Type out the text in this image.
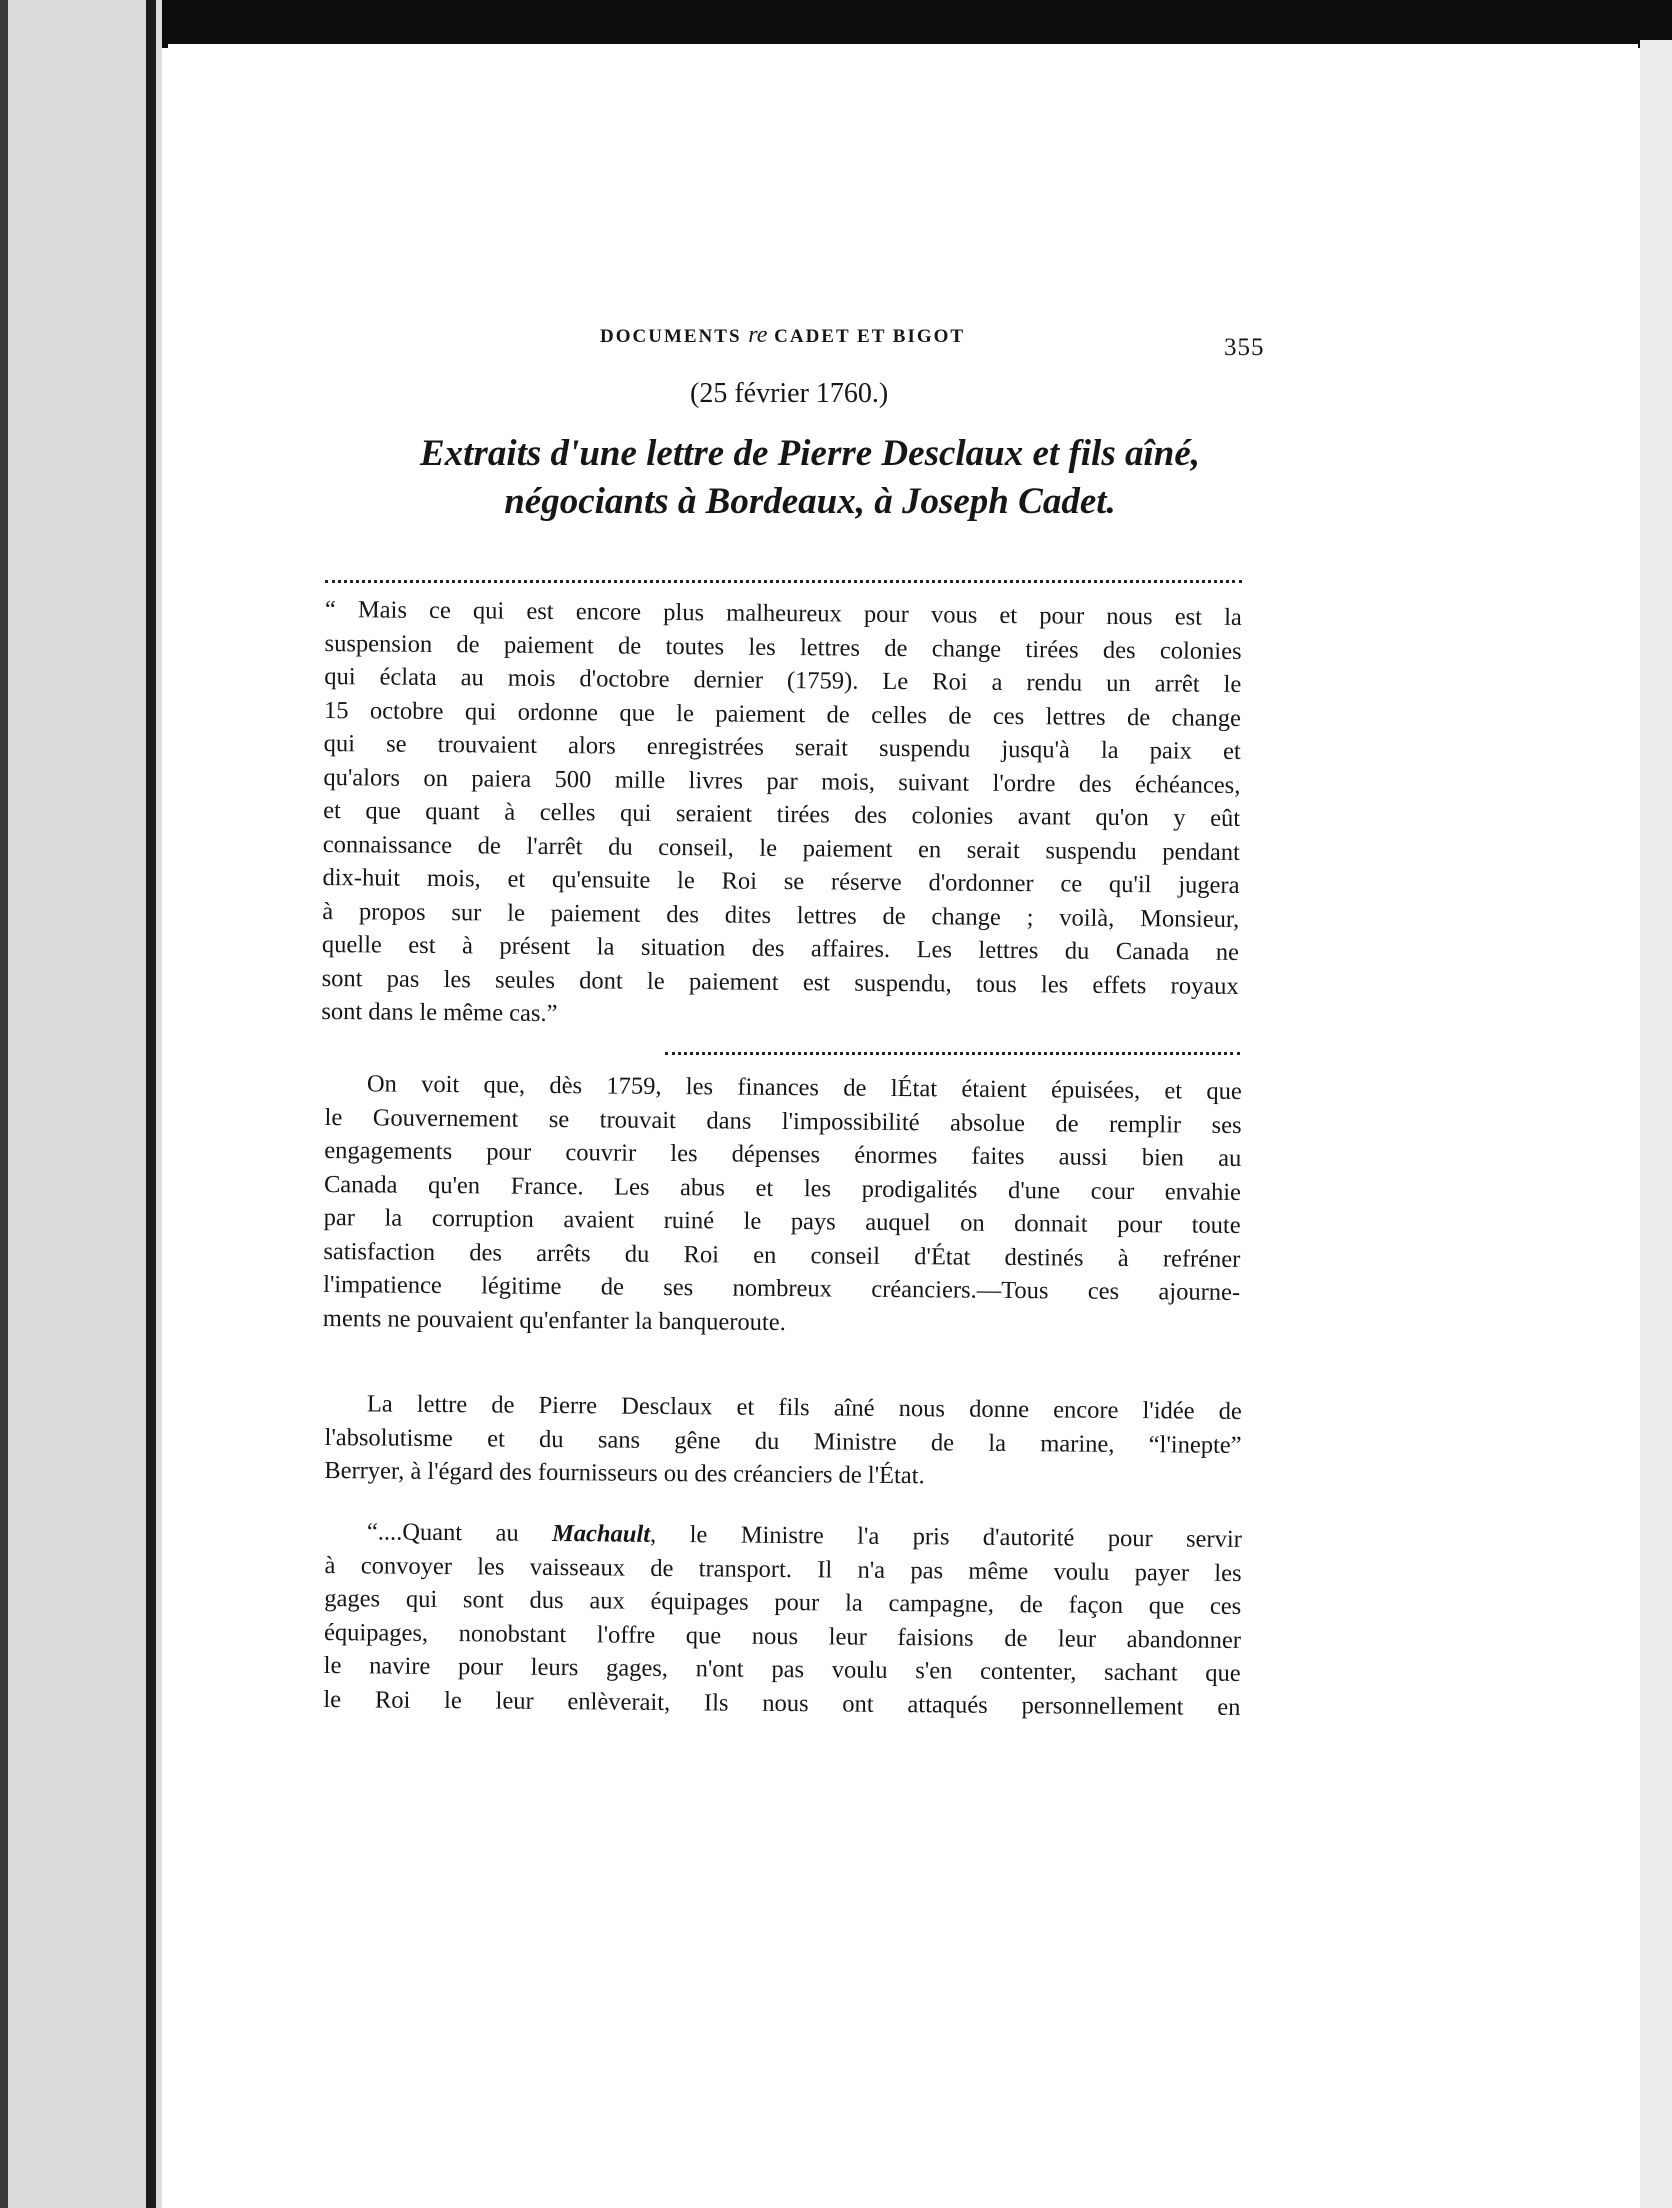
DOCUMENTS re CADET ET BIGOT	355
(25 février 1760.)
Extraits d'une lettre de Pierre Desclaux et fils aîné,
négociants à Bordeaux, à Joseph Cadet.
“ Mais ce qui est encore plus malheureux pour vous et pour nous est la
suspension de paiement de toutes les lettres de change tirées des colonies
qui éclata au mois d'octobre dernier (1759). Le Roi a rendu un arrêt le
15 octobre qui ordonne que le paiement de celles de ces lettres de change
qui se trouvaient alors enregistrées serait suspendu jusqu'à la paix et
qu'alors on paiera 500 mille livres par mois, suivant l'ordre des échéances,
et que quant à celles qui seraient tirées des colonies avant qu'on y eût
connaissance de l'arrêt du conseil, le paiement en serait suspendu pendant
dix-huit mois, et qu'ensuite le Roi se réserve d'ordonner ce qu'il jugera
à propos sur le paiement des dites lettres de change ; voilà, Monsieur,
quelle est à présent la situation des affaires. Les lettres du Canada ne
sont pas les seules dont le paiement est suspendu, tous les effets royaux
sont dans le même cas.”
On voit que, dès 1759, les finances de lÉtat étaient épuisées, et que
le Gouvernement se trouvait dans l'impossibilité absolue de remplir ses
engagements pour couvrir les dépenses énormes faites aussi bien au
Canada qu'en France. Les abus et les prodigalités d'une cour envahie
par la corruption avaient ruiné le pays auquel on donnait pour toute
satisfaction des arrêts du Roi en conseil d'État destinés à refréner
l'impatience légitime de ses nombreux créanciers.—Tous ces ajourne-
ments ne pouvaient qu'enfanter la banqueroute.
La lettre de Pierre Desclaux et fils aîné nous donne encore l'idée de
l'absolutisme et du sans gêne du Ministre de la marine, “l'inepte”
Berryer, à l'égard des fournisseurs ou des créanciers de l'État.
“....Quant au Machault, le Ministre l'a pris d'autorité pour servir
à convoyer les vaisseaux de transport. Il n'a pas même voulu payer les
gages qui sont dus aux équipages pour la campagne, de façon que ces
équipages, nonobstant l'offre que nous leur faisions de leur abandonner
le navire pour leurs gages, n'ont pas voulu s'en contenter, sachant que
le Roi le leur enlèverait, Ils nous ont attaqués personnellement en
